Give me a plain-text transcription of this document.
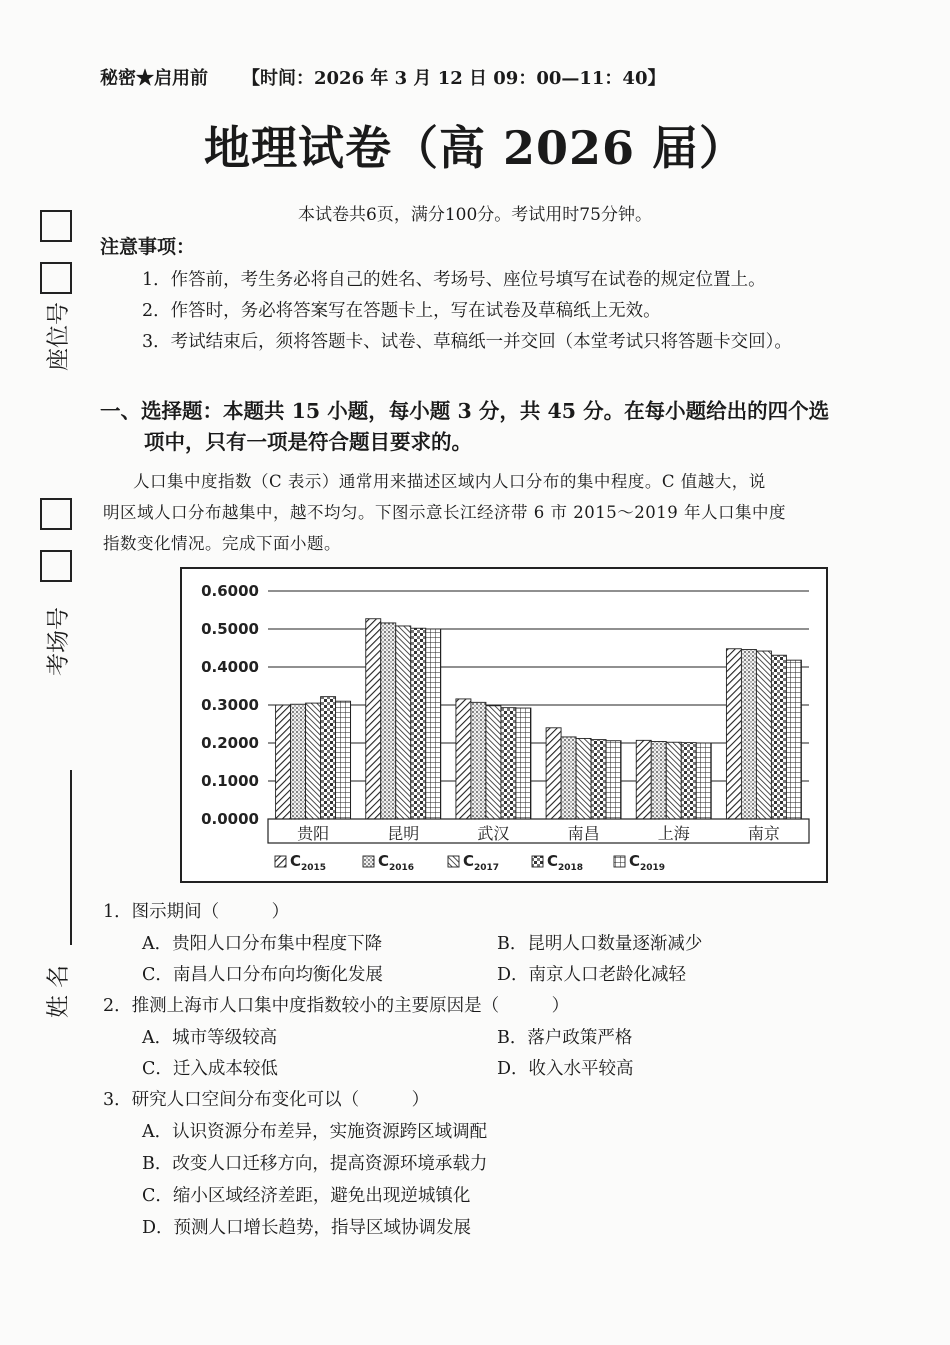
秘密★启用前 【时间：2026 年 3 月 12 日 09：00—11：40】
地理试卷（高 2026 届）
本试卷共6页，满分100分。考试用时75分钟。
注意事项：
1．作答前，考生务必将自己的姓名、考场号、座位号填写在试卷的规定位置上。
2．作答时，务必将答案写在答题卡上，写在试卷及草稿纸上无效。
3．考试结束后，须将答题卡、试卷、草稿纸一并交回（本堂考试只将答题卡交回）。
座位号
考场号
姓 名
一、选择题：本题共 15 小题，每小题 3 分，共 45 分。在每小题给出的四个选
项中，只有一项是符合题目要求的。
人口集中度指数（C 表示）通常用来描述区域内人口分布的集中程度。C 值越大，说
明区域人口分布越集中，越不均匀。下图示意长江经济带 6 市 2015～2019 年人口集中度
指数变化情况。完成下面小题。
0.6000
0.5000
0.4000
0.3000
0.2000
0.1000
0.0000
贵阳	昆明	武汉	南昌	上海	南京
$C_{2015}$	$C_{2016}$	$C_{2017}$	$C_{2018}$	$C_{2019}$
1．图示期间（　　　）
A．贵阳人口分布集中程度下降	B．昆明人口数量逐渐减少
C．南昌人口分布向均衡化发展	D．南京人口老龄化减轻
2．推测上海市人口集中度指数较小的主要原因是（　　　）
A．城市等级较高	B．落户政策严格
C．迁入成本较低	D．收入水平较高
3．研究人口空间分布变化可以（　　　）
A．认识资源分布差异，实施资源跨区域调配
B．改变人口迁移方向，提高资源环境承载力
C．缩小区域经济差距，避免出现逆城镇化
D．预测人口增长趋势，指导区域协调发展
